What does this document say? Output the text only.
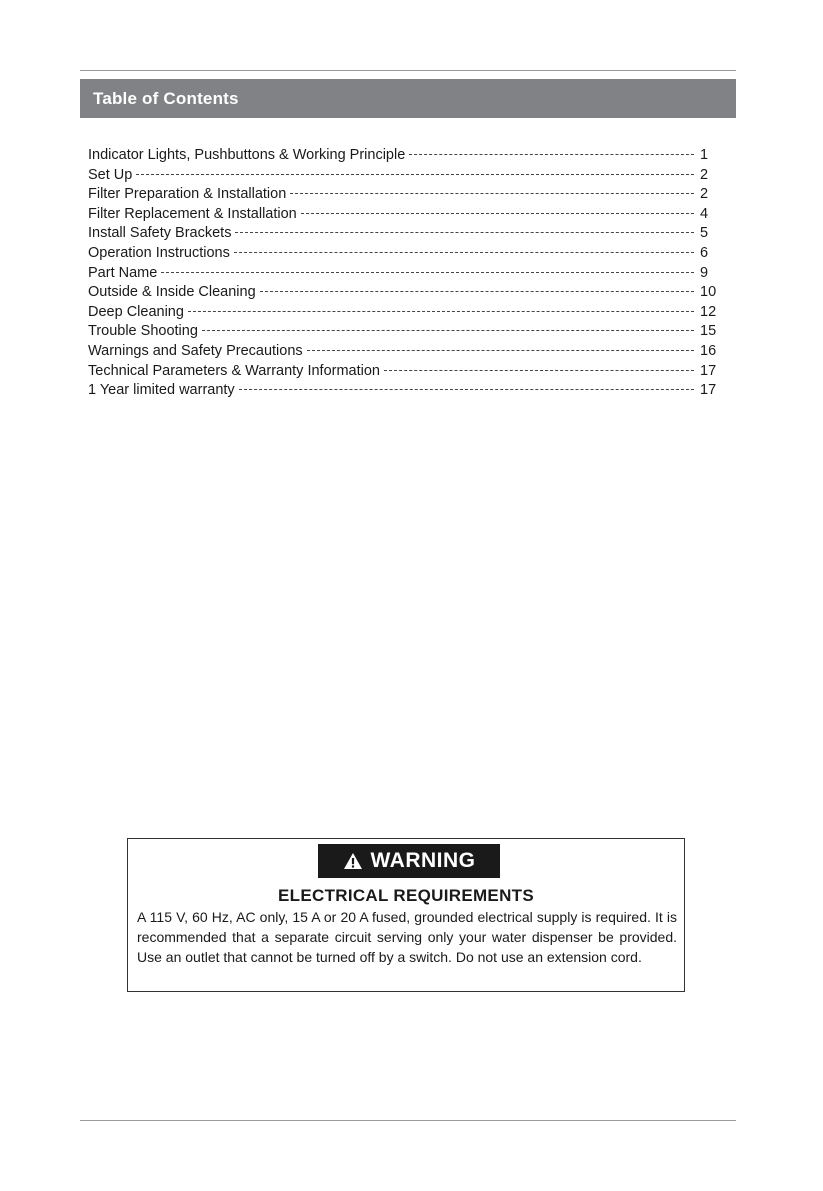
Table of Contents
Indicator Lights, Pushbuttons & Working Principle	1
Set Up	2
Filter Preparation & Installation	2
Filter Replacement & Installation	4
Install Safety Brackets	5
Operation Instructions	6
Part Name	9
Outside & Inside Cleaning	10
Deep Cleaning	12
Trouble Shooting	15
Warnings and Safety Precautions	16
Technical Parameters & Warranty Information	17
1 Year limited warranty	17
WARNING
ELECTRICAL REQUIREMENTS
A 115 V, 60 Hz, AC only, 15 A or 20 A fused, grounded electrical supply is required. It is recommended that a separate circuit serving only your water dispenser be provided. Use an outlet that cannot be turned off by a switch. Do not use an extension cord.
